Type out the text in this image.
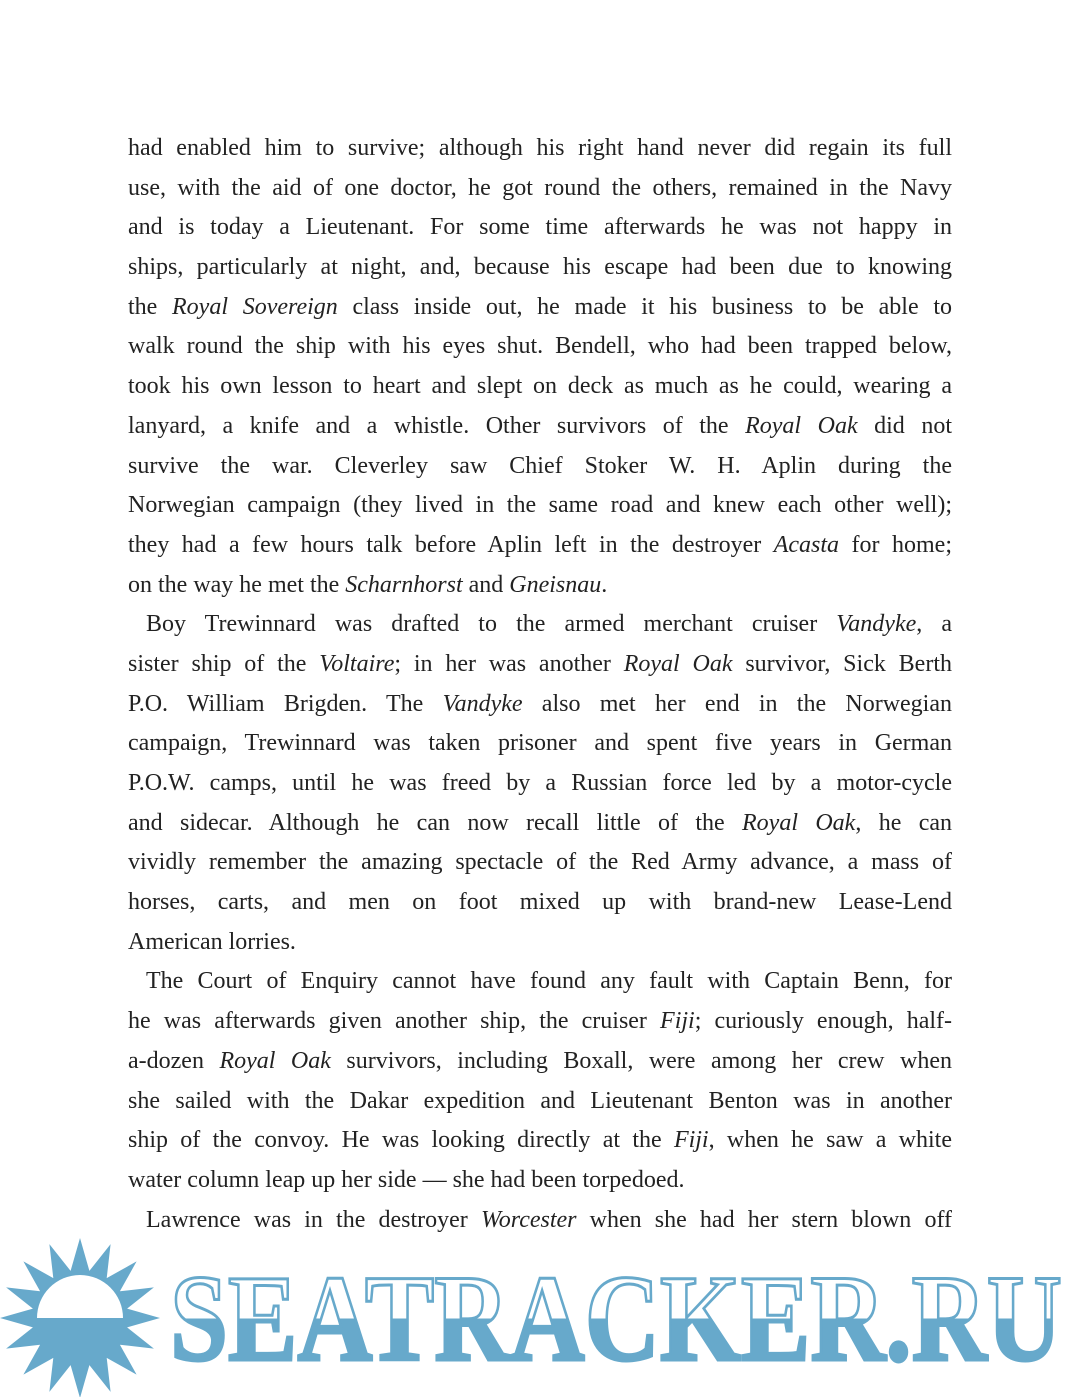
had enabled him to survive; although his right hand never did regain its full
use, with the aid of one doctor, he got round the others, remained in the Navy
and is today a Lieutenant. For some time afterwards he was not happy in
ships, particularly at night, and, because his escape had been due to knowing
the Royal Sovereign class inside out, he made it his business to be able to
walk round the ship with his eyes shut. Bendell, who had been trapped below,
took his own lesson to heart and slept on deck as much as he could, wearing a
lanyard, a knife and a whistle. Other survivors of the Royal Oak did not
survive the war. Cleverley saw Chief Stoker W. H. Aplin during the
Norwegian campaign (they lived in the same road and knew each other well);
they had a few hours talk before Aplin left in the destroyer Acasta for home;
on the way he met the Scharnhorst and Gneisnau.
Boy Trewinnard was drafted to the armed merchant cruiser Vandyke, a
sister ship of the Voltaire; in her was another Royal Oak survivor, Sick Berth
P.O. William Brigden. The Vandyke also met her end in the Norwegian
campaign, Trewinnard was taken prisoner and spent five years in German
P.O.W. camps, until he was freed by a Russian force led by a motor-cycle
and sidecar. Although he can now recall little of the Royal Oak, he can
vividly remember the amazing spectacle of the Red Army advance, a mass of
horses, carts, and men on foot mixed up with brand-new Lease-Lend
American lorries.
The Court of Enquiry cannot have found any fault with Captain Benn, for
he was afterwards given another ship, the cruiser Fiji; curiously enough, half-
a-dozen Royal Oak survivors, including Boxall, were among her crew when
she sailed with the Dakar expedition and Lieutenant Benton was in another
ship of the convoy. He was looking directly at the Fiji, when he saw a white
water column leap up her side — she had been torpedoed.
Lawrence was in the destroyer Worcester when she had her stern blown off
SEATRACKER.RU
